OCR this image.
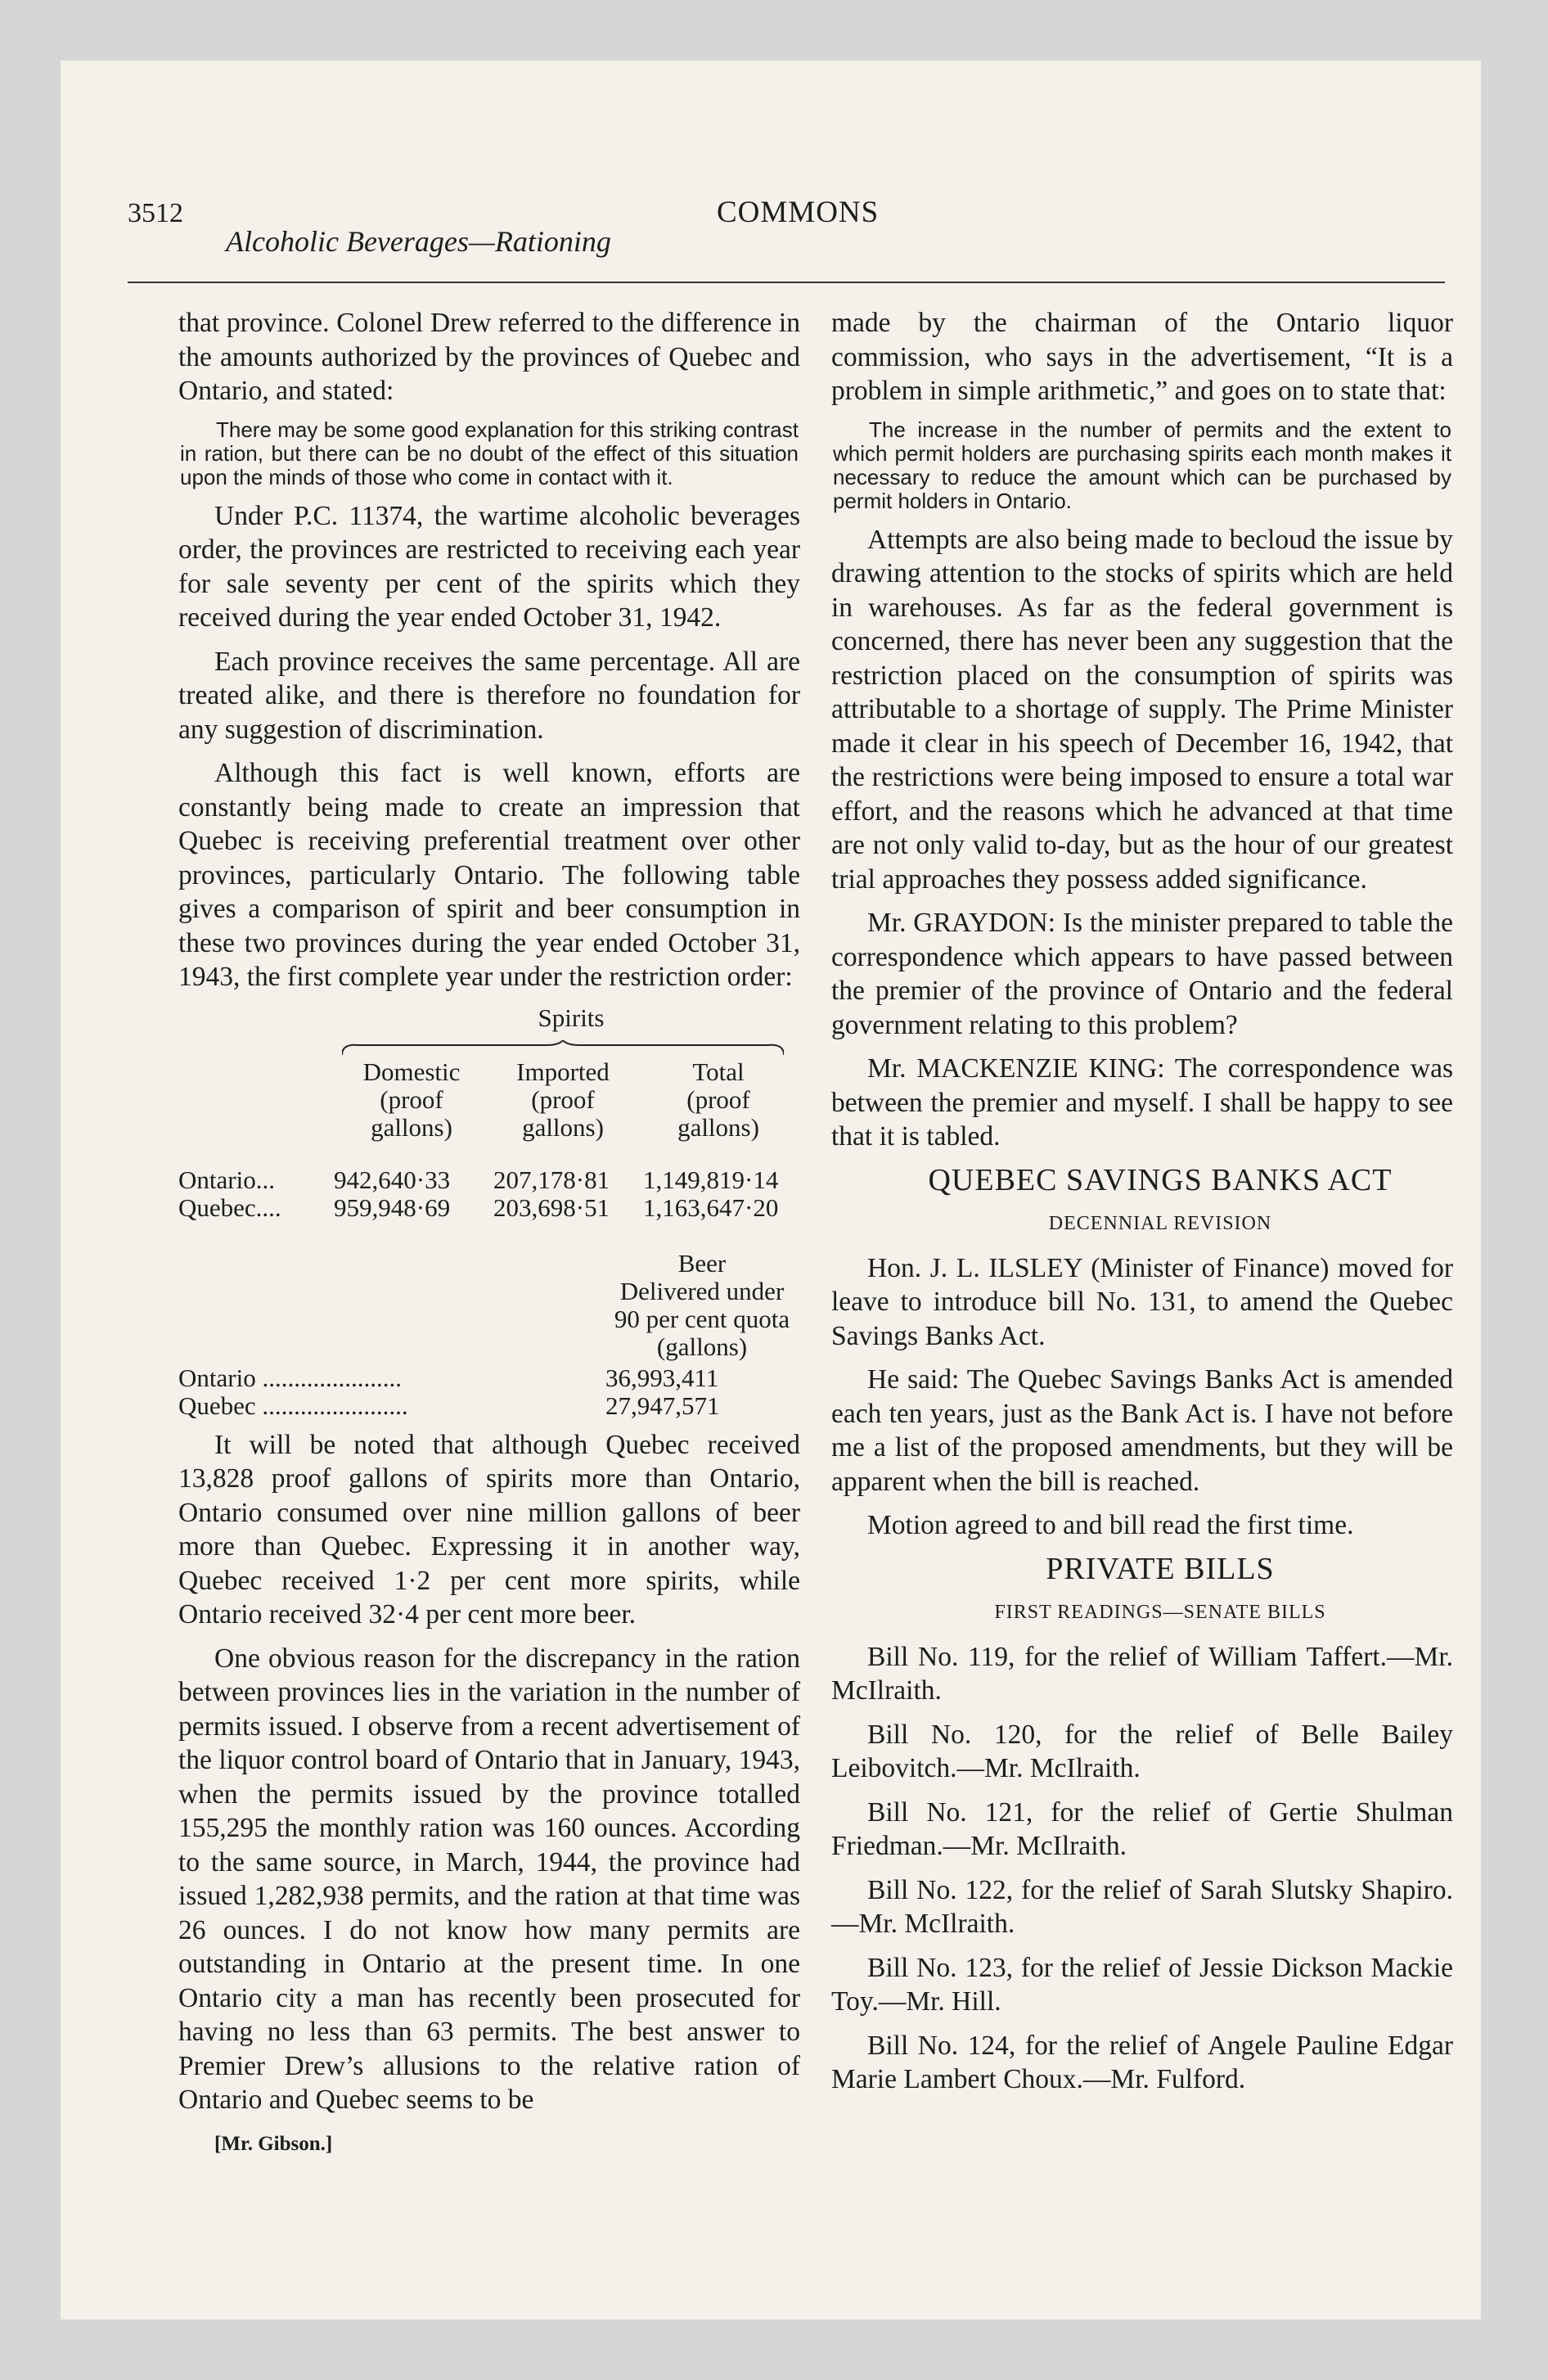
3512
Alcoholic Beverages—Rationing
COMMONS

that province. Colonel Drew referred to the difference in the amounts authorized by the provinces of Quebec and Ontario, and stated:

There may be some good explanation for this striking contrast in ration, but there can be no doubt of the effect of this situation upon the minds of those who come in contact with it.

Under P.C. 11374, the wartime alcoholic beverages order, the provinces are restricted to receiving each year for sale seventy per cent of the spirits which they received during the year ended October 31, 1942.

Each province receives the same percentage. All are treated alike, and there is therefore no foundation for any suggestion of discrimination.

Although this fact is well known, efforts are constantly being made to create an impression that Quebec is receiving preferential treatment over other provinces, particularly Ontario. The following table gives a comparison of spirit and beer consumption in these two provinces during the year ended October 31, 1943, the first complete year under the restriction order:

Spirits
Domestic
(proof
gallons)
Imported
(proof
gallons)
Total
(proof
gallons)
Ontario... 942,640·33 207,178·81 1,149,819·14
Quebec.... 959,948·69 203,698·51 1,163,647·20
Beer
Delivered under
90 per cent quota
(gallons)
Ontario ......................	36,993,411
Quebec .......................	27,947,571

It will be noted that although Quebec received 13,828 proof gallons of spirits more than Ontario, Ontario consumed over nine million gallons of beer more than Quebec. Expressing it in another way, Quebec received 1·2 per cent more spirits, while Ontario received 32·4 per cent more beer.

One obvious reason for the discrepancy in the ration between provinces lies in the variation in the number of permits issued. I observe from a recent advertisement of the liquor control board of Ontario that in January, 1943, when the permits issued by the province totalled 155,295 the monthly ration was 160 ounces. According to the same source, in March, 1944, the province had issued 1,282,938 permits, and the ration at that time was 26 ounces. I do not know how many permits are outstanding in Ontario at the present time. In one Ontario city a man has recently been prosecuted for having no less than 63 permits. The best answer to Premier Drew’s allusions to the relative ration of Ontario and Quebec seems to be

[Mr. Gibson.]

made by the chairman of the Ontario liquor commission, who says in the advertisement, “It is a problem in simple arithmetic,” and goes on to state that:

The increase in the number of permits and the extent to which permit holders are purchasing spirits each month makes it necessary to reduce the amount which can be purchased by permit holders in Ontario.

Attempts are also being made to becloud the issue by drawing attention to the stocks of spirits which are held in warehouses. As far as the federal government is concerned, there has never been any suggestion that the restriction placed on the consumption of spirits was attributable to a shortage of supply. The Prime Minister made it clear in his speech of December 16, 1942, that the restrictions were being imposed to ensure a total war effort, and the reasons which he advanced at that time are not only valid to-day, but as the hour of our greatest trial approaches they possess added significance.

Mr. GRAYDON: Is the minister prepared to table the correspondence which appears to have passed between the premier of the province of Ontario and the federal government relating to this problem?

Mr. MACKENZIE KING: The correspondence was between the premier and myself. I shall be happy to see that it is tabled.

QUEBEC SAVINGS BANKS ACT

DECENNIAL REVISION

Hon. J. L. ILSLEY (Minister of Finance) moved for leave to introduce bill No. 131, to amend the Quebec Savings Banks Act.

He said: The Quebec Savings Banks Act is amended each ten years, just as the Bank Act is. I have not before me a list of the proposed amendments, but they will be apparent when the bill is reached.

Motion agreed to and bill read the first time.

PRIVATE BILLS

FIRST READINGS—SENATE BILLS

Bill No. 119, for the relief of William Taffert.—Mr. McIlraith.

Bill No. 120, for the relief of Belle Bailey Leibovitch.—Mr. McIlraith.

Bill No. 121, for the relief of Gertie Shulman Friedman.—Mr. McIlraith.

Bill No. 122, for the relief of Sarah Slutsky Shapiro.—Mr. McIlraith.

Bill No. 123, for the relief of Jessie Dickson Mackie Toy.—Mr. Hill.

Bill No. 124, for the relief of Angele Pauline Edgar Marie Lambert Choux.—Mr. Fulford.
